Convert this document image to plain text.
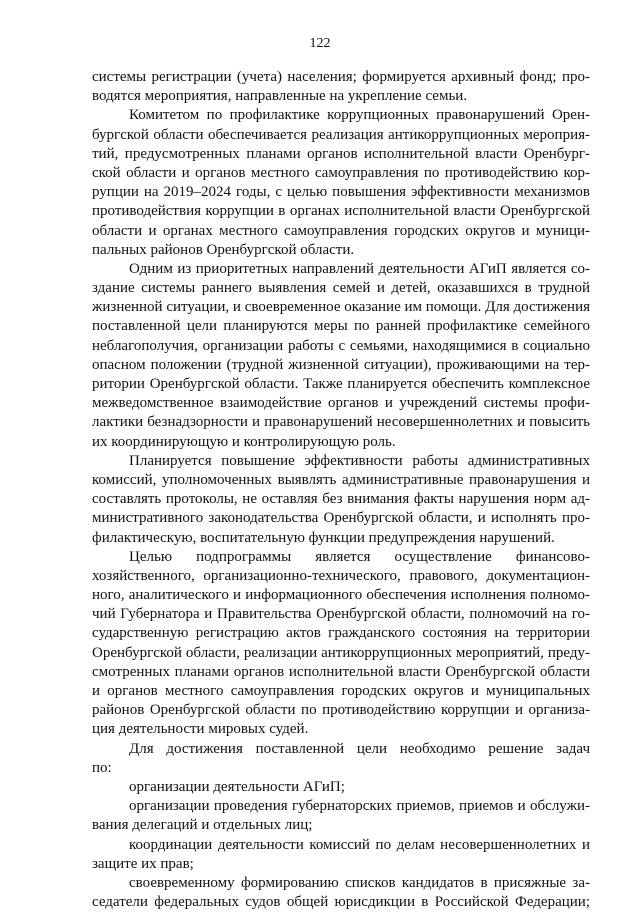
122
системы регистрации (учета) населения; формируется архивный фонд; про-
водятся мероприятия, направленные на укрепление семьи.
Комитетом по профилактике коррупционных правонарушений Орен-
бургской области обеспечивается реализация антикоррупционных мероприя-
тий, предусмотренных планами органов исполнительной власти Оренбург-
ской области и органов местного самоуправления по противодействию кор-
рупции на 2019–2024 годы, с целью повышения эффективности механизмов
противодействия коррупции в органах исполнительной власти Оренбургской
области и органах местного самоуправления городских округов и муници-
пальных районов Оренбургской области.
Одним из приоритетных направлений деятельности АГиП является со-
здание системы раннего выявления семей и детей, оказавшихся в трудной
жизненной ситуации, и своевременное оказание им помощи. Для достижения
поставленной цели планируются меры по ранней профилактике семейного
неблагополучия, организации работы с семьями, находящимися в социально
опасном положении (трудной жизненной ситуации), проживающими на тер-
ритории Оренбургской области. Также планируется обеспечить комплексное
межведомственное взаимодействие органов и учреждений системы профи-
лактики безнадзорности и правонарушений несовершеннолетних и повысить
их координирующую и контролирующую роль.
Планируется повышение эффективности работы административных
комиссий, уполномоченных выявлять административные правонарушения и
составлять протоколы, не оставляя без внимания факты нарушения норм ад-
министративного законодательства Оренбургской области, и исполнять про-
филактическую, воспитательную функции предупреждения нарушений.
Целью подпрограммы является осуществление финансово-
хозяйственного, организационно-технического, правового, документацион-
ного, аналитического и информационного обеспечения исполнения полномо-
чий Губернатора и Правительства Оренбургской области, полномочий на го-
сударственную регистрацию актов гражданского состояния на территории
Оренбургской области, реализации антикоррупционных мероприятий, преду-
смотренных планами органов исполнительной власти Оренбургской области
и органов местного самоуправления городских округов и муниципальных
районов Оренбургской области по противодействию коррупции и организа-
ция деятельности мировых судей.
Для достижения поставленной цели необходимо решение задач
по:
организации деятельности АГиП;
организации проведения губернаторских приемов, приемов и обслужи-
вания делегаций и отдельных лиц;
координации деятельности комиссий по делам несовершеннолетних и
защите их прав;
своевременному формированию списков кандидатов в присяжные за-
седатели федеральных судов общей юрисдикции в Российской Федерации;
